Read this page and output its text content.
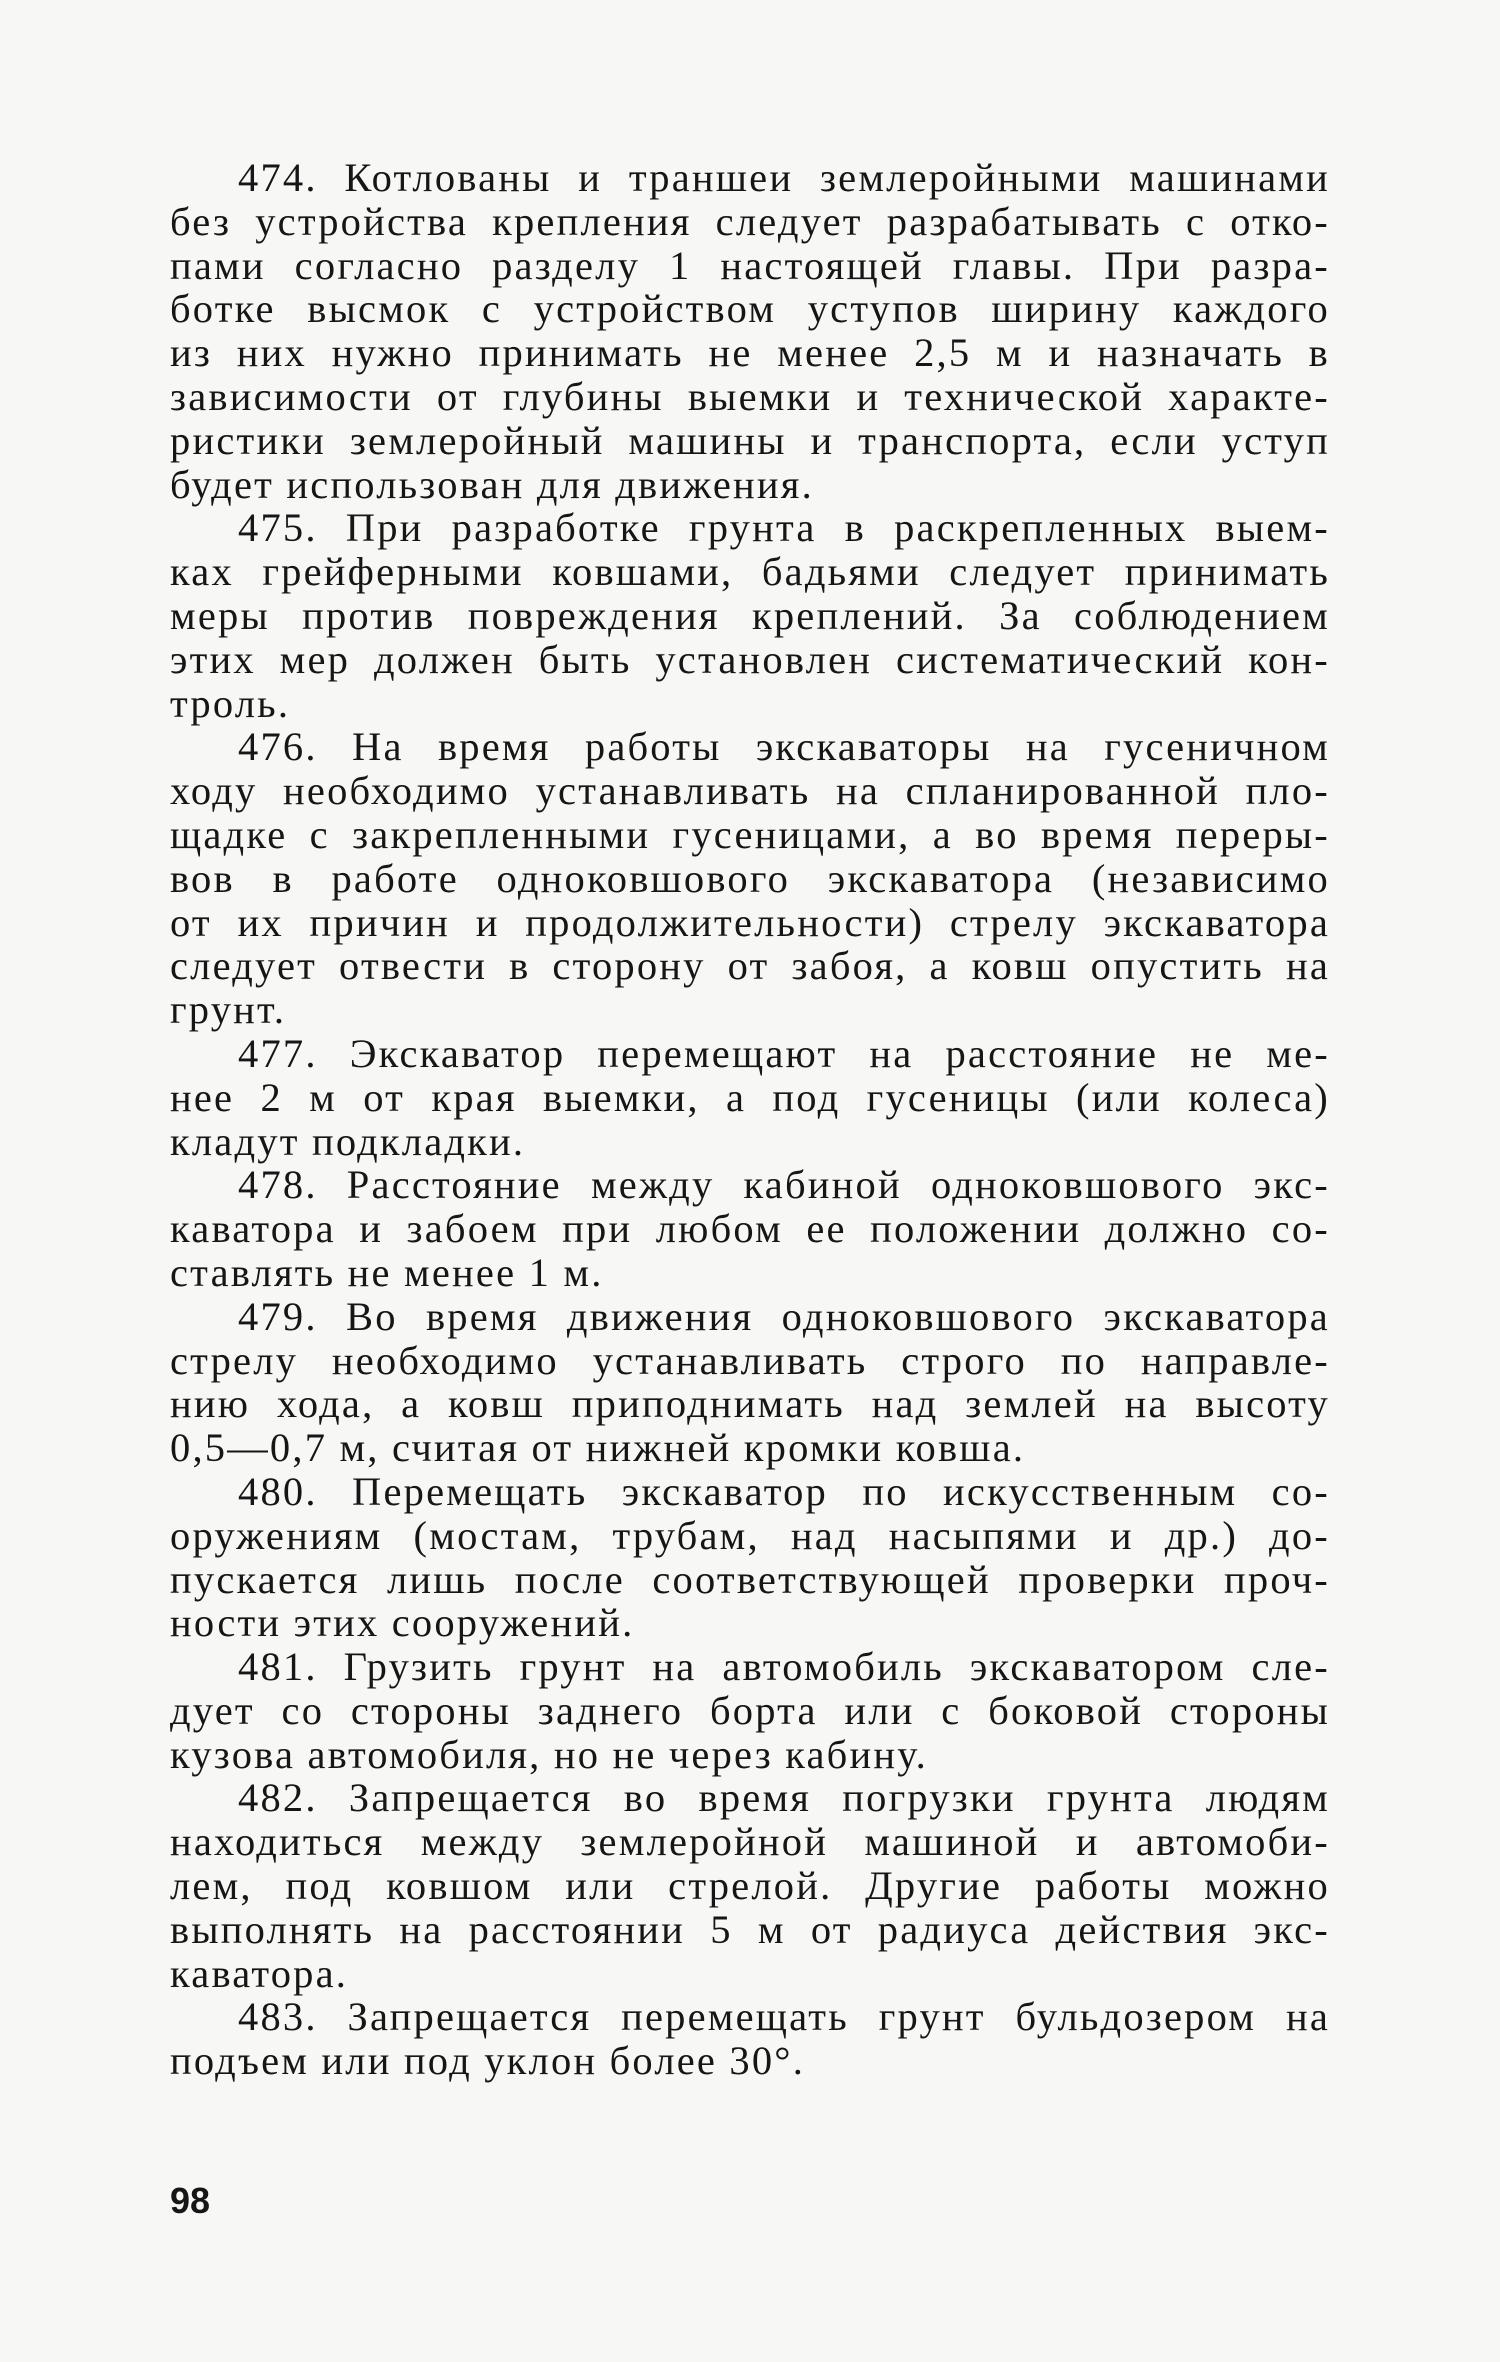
474. Котлованы и траншеи землеройными машинами
без устройства крепления следует разрабатывать с отко-
пами согласно разделу 1 настоящей главы. При разра-
ботке высмок с устройством уступов ширину каждого
из них нужно принимать не менее 2,5 м и назначать в
зависимости от глубины выемки и технической характе-
ристики землеройный машины и транспорта, если уступ
будет использован для движения.
475. При разработке грунта в раскрепленных выем-
ках грейферными ковшами, бадьями следует принимать
меры против повреждения креплений. За соблюдением
этих мер должен быть установлен систематический кон-
троль.
476. На время работы экскаваторы на гусеничном
ходу необходимо устанавливать на спланированной пло-
щадке с закрепленными гусеницами, а во время переры-
вов в работе одноковшового экскаватора (независимо
от их причин и продолжительности) стрелу экскаватора
следует отвести в сторону от забоя, а ковш опустить на
грунт.
477. Экскаватор перемещают на расстояние не ме-
нее 2 м от края выемки, а под гусеницы (или колеса)
кладут подкладки.
478. Расстояние между кабиной одноковшового экс-
каватора и забоем при любом ее положении должно со-
ставлять не менее 1 м.
479. Во время движения одноковшового экскаватора
стрелу необходимо устанавливать строго по направле-
нию хода, а ковш приподнимать над землей на высоту
0,5—0,7 м, считая от нижней кромки ковша.
480. Перемещать экскаватор по искусственным со-
оружениям (мостам, трубам, над насыпями и др.) до-
пускается лишь после соответствующей проверки проч-
ности этих сооружений.
481. Грузить грунт на автомобиль экскаватором сле-
дует со стороны заднего борта или с боковой стороны
кузова автомобиля, но не через кабину.
482. Запрещается во время погрузки грунта людям
находиться между землеройной машиной и автомоби-
лем, под ковшом или стрелой. Другие работы можно
выполнять на расстоянии 5 м от радиуса действия экс-
каватора.
483. Запрещается перемещать грунт бульдозером на
подъем или под уклон более 30°.
98
